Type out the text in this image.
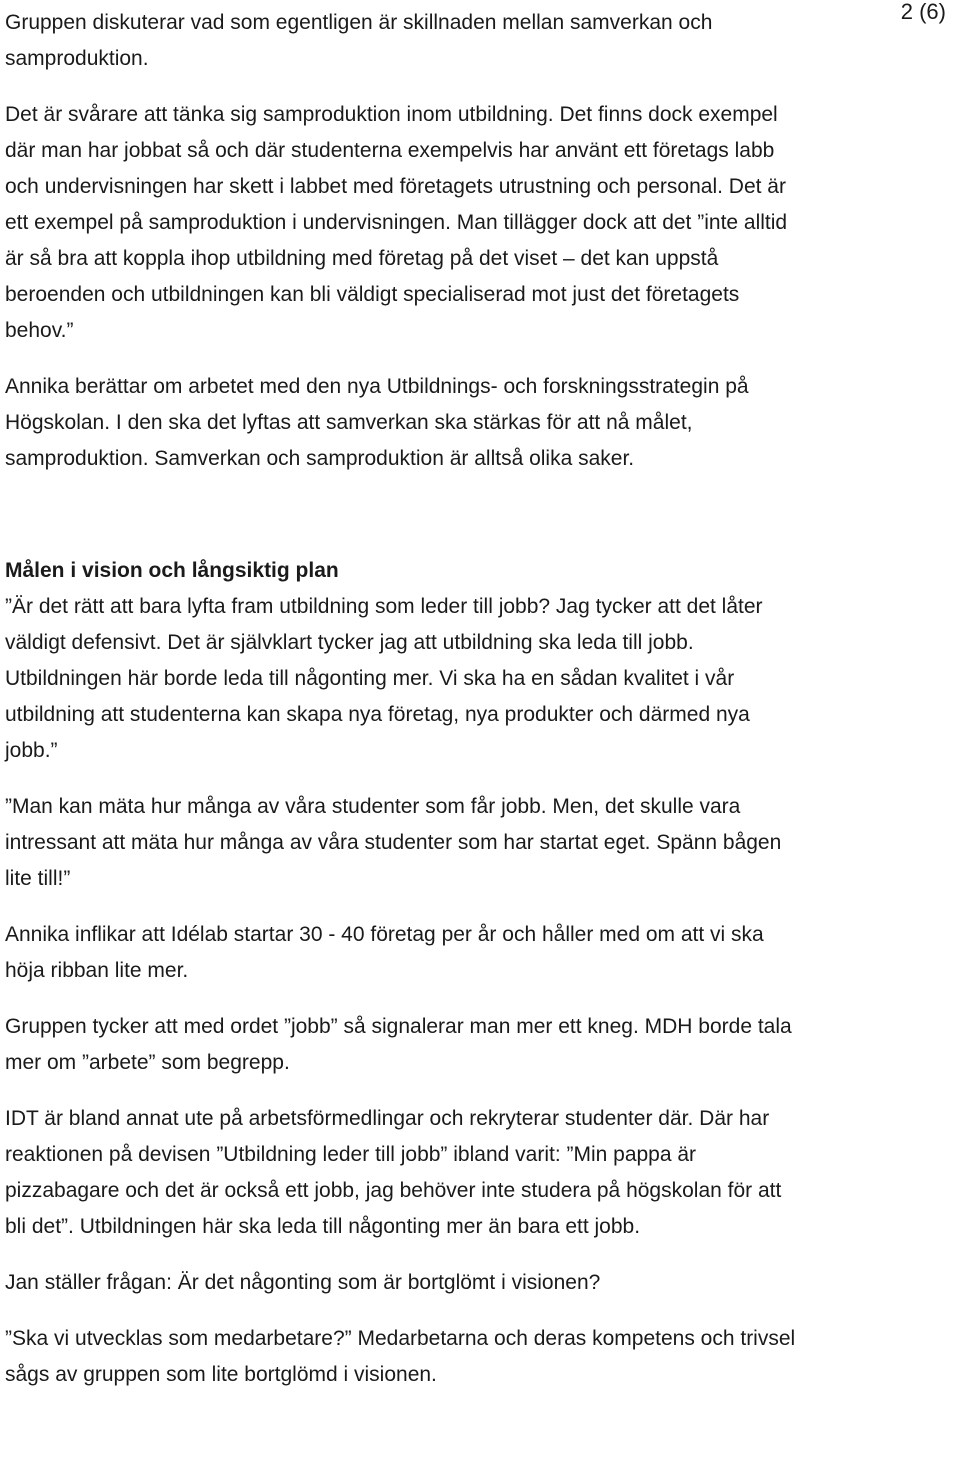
2 (6)

Gruppen diskuterar vad som egentligen är skillnaden mellan samverkan och samproduktion.

Det är svårare att tänka sig samproduktion inom utbildning. Det finns dock exempel där man har jobbat så och där studenterna exempelvis har använt ett företags labb och undervisningen har skett i labbet med företagets utrustning och personal. Det är ett exempel på samproduktion i undervisningen. Man tillägger dock att det ”inte alltid är så bra att koppla ihop utbildning med företag på det viset – det kan uppstå beroenden och utbildningen kan bli väldigt specialiserad mot just det företagets behov.”

Annika berättar om arbetet med den nya Utbildnings- och forskningsstrategin på Högskolan. I den ska det lyftas att samverkan ska stärkas för att nå målet, samproduktion. Samverkan och samproduktion är alltså olika saker.

Målen i vision och långsiktig plan

”Är det rätt att bara lyfta fram utbildning som leder till jobb? Jag tycker att det låter väldigt defensivt. Det är självklart tycker jag att utbildning ska leda till jobb. Utbildningen här borde leda till någonting mer. Vi ska ha en sådan kvalitet i vår utbildning att studenterna kan skapa nya företag, nya produkter och därmed nya jobb.”

”Man kan mäta hur många av våra studenter som får jobb. Men, det skulle vara intressant att mäta hur många av våra studenter som har startat eget. Spänn bågen lite till!”

Annika inflikar att Idélab startar 30 - 40 företag per år och håller med om att vi ska höja ribban lite mer.

Gruppen tycker att med ordet ”jobb” så signalerar man mer ett kneg. MDH borde tala mer om ”arbete” som begrepp.

IDT är bland annat ute på arbetsförmedlingar och rekryterar studenter där. Där har reaktionen på devisen ”Utbildning leder till jobb” ibland varit: ”Min pappa är pizzabagare och det är också ett jobb, jag behöver inte studera på högskolan för att bli det”. Utbildningen här ska leda till någonting mer än bara ett jobb.

Jan ställer frågan: Är det någonting som är bortglömt i visionen?

”Ska vi utvecklas som medarbetare?” Medarbetarna och deras kompetens och trivsel sågs av gruppen som lite bortglömd i visionen.
